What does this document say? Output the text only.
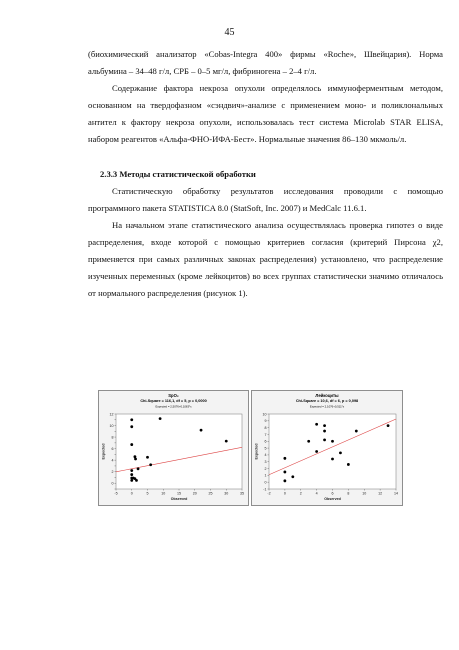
45

(биохимический анализатор «Cobas-Integra 400» фирмы «Roche», Швейцария). Норма альбумина – 34–48 г/л, СРБ – 0–5 мг/л, фибриногена – 2–4 г/л.

Содержание фактора некроза опухоли определялось иммуноферментным методом, основанном на твердофазном «сэндвич»-анализе с применением моно- и поликлональных антител к фактору некроза опухоли, использовалась тест система Microlab STAR ELISA, набором реагентов «Альфа-ФНО-ИФА-Бест». Нормальные значения 86–130 мкмоль/л.

2.3.3 Методы статистической обработки

Статистическую обработку результатов исследования проводили с помощью программного пакета STATISTICA 8.0 (StatSoft, Inc. 2007) и MedCalc 11.6.1.

На начальном этапе статистического анализа осуществлялась проверка гипотез о виде распределения, входе которой с помощью критериев согласия (критерий Пирсона χ2, применяется при самых различных законах распределения) установлено, что распределение изученных переменных (кроме лейкоцитов) во всех группах статистически значимо отличалось от нормального распределения (рисунок 1).

SpO₂
Chi-Square = 116,1, df = 5, p = 0,0000
Expected = 2,5076+0,1063*x
-5	0	5	10	15	20	25	30	35
0
2
4
6
8
10
12
Observed
Expected
Лейкоциты
Chi-Square = 10,6, df = 6, p = 0,098
Expected = 2,1076+0,511*x
-2	0	2	4	6	8	10	12	14
-1
0
1
2
3
4
5
6
7
8
9
10
Observed
Expected
